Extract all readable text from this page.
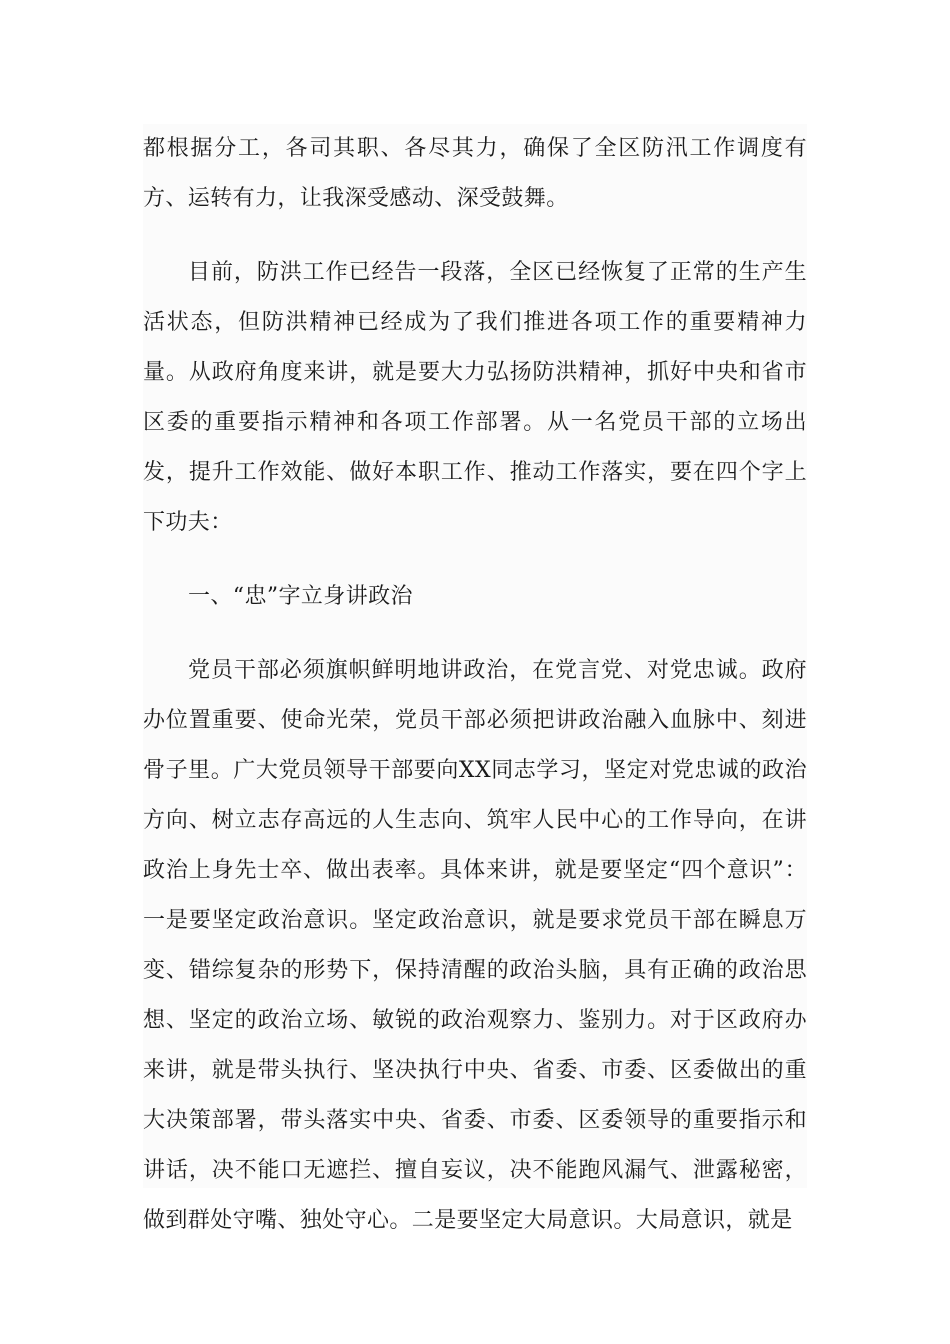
都根据分工，各司其职、各尽其力，确保了全区防汛工作调度有方、运转有力，让我深受感动、深受鼓舞。

目前，防洪工作已经告一段落，全区已经恢复了正常的生产生活状态，但防洪精神已经成为了我们推进各项工作的重要精神力量。从政府角度来讲，就是要大力弘扬防洪精神，抓好中央和省市区委的重要指示精神和各项工作部署。从一名党员干部的立场出发，提升工作效能、做好本职工作、推动工作落实，要在四个字上下功夫：

一、“忠”字立身讲政治

党员干部必须旗帜鲜明地讲政治，在党言党、对党忠诚。政府办位置重要、使命光荣，党员干部必须把讲政治融入血脉中、刻进骨子里。广大党员领导干部要向XX同志学习，坚定对党忠诚的政治方向、树立志存高远的人生志向、筑牢人民中心的工作导向，在讲政治上身先士卒、做出表率。具体来讲，就是要坚定“四个意识”：一是要坚定政治意识。坚定政治意识，就是要求党员干部在瞬息万变、错综复杂的形势下，保持清醒的政治头脑，具有正确的政治思想、坚定的政治立场、敏锐的政治观察力、鉴别力。对于区政府办来讲，就是带头执行、坚决执行中央、省委、市委、区委做出的重大决策部署，带头落实中央、省委、市委、区委领导的重要指示和讲话，决不能口无遮拦、擅自妄议，决不能跑风漏气、泄露秘密，做到群处守嘴、独处守心。二是要坚定大局意识。大局意识，就是
